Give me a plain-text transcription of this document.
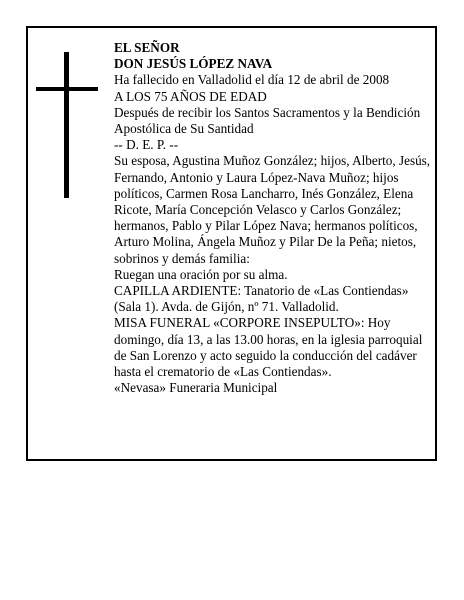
EL SEÑOR

DON JESÚS LÓPEZ NAVA

Ha fallecido en Valladolid el día 12 de abril de 2008

A LOS 75 AÑOS DE EDAD

Después de recibir los Santos Sacramentos y la Bendición Apostólica de Su Santidad

-- D. E. P. --

Su esposa, Agustina Muñoz González; hijos, Alberto, Jesús, Fernando, Antonio y Laura López-Nava Muñoz; hijos políticos, Carmen Rosa Lancharro, Inés González, Elena Ricote, María Concepción Velasco y Carlos González; hermanos, Pablo y Pilar López Nava; hermanos políticos, Arturo Molina, Ángela Muñoz y Pilar De la Peña; nietos, sobrinos y demás familia:

Ruegan una oración por su alma.

CAPILLA ARDIENTE: Tanatorio de «Las Contiendas» (Sala 1). Avda. de Gijón, nº 71. Valladolid.

MISA FUNERAL «CORPORE INSEPULTO»: Hoy domingo, día 13, a las 13.00 horas, en la iglesia parroquial de San Lorenzo y acto seguido la conducción del cadáver hasta el crematorio de «Las Contiendas».

«Nevasa» Funeraria Municipal
